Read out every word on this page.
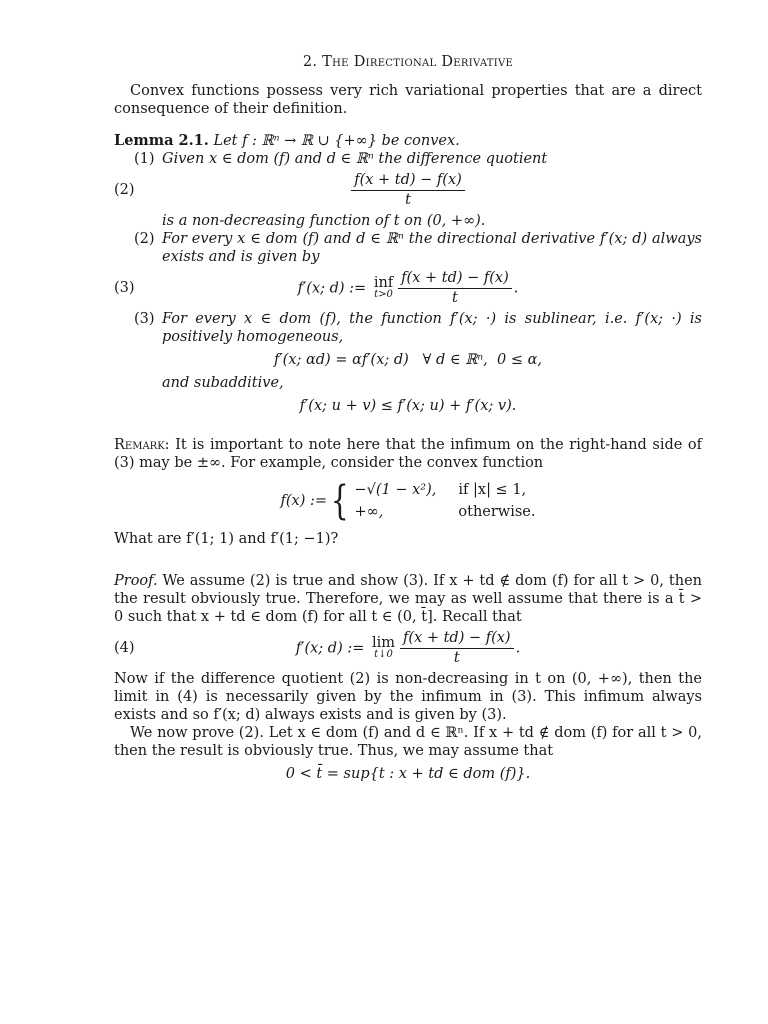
2. The Directional Derivative

Convex functions possess very rich variational properties that are a direct consequence of their definition.

Lemma 2.1. Let f : ℝⁿ → ℝ ∪ {+∞} be convex.

(1) Given x ∈ dom (f) and d ∈ ℝⁿ the difference quotient
(2)	$\frac{f(x + td) - f(x)}{t}$
is a non-decreasing function of t on (0, +∞).
(2) For every x ∈ dom (f) and d ∈ ℝⁿ the directional derivative f′(x; d) always exists and is given by
(3)	f′(x; d) := inf
$t>0 \frac{f(x + td) - f(x)}{t}$ .
(3) For every x ∈ dom (f), the function f′(x; ·) is sublinear, i.e. f′(x; ·) is positively homogeneous,
f′(x; αd) = αf′(x; d)   ∀ d ∈ ℝⁿ,  0 ≤ α,
and subadditive,
f′(x; u + v) ≤ f′(x; u) + f′(x; v).

Remark: It is important to note here that the infimum on the right-hand side of (3) may be ±∞. For example, consider the convex function

f(x) := { −√(1 − x²), if |x| ≤ 1,
+∞,	otherwise.

What are f′(1; 1) and f′(1; −1)?

Proof. We assume (2) is true and show (3). If x + td ∉ dom (f) for all t > 0, then the result obviously true. Therefore, we may as well assume that there is a t̄ > 0 such that x + td ∈ dom (f) for all t ∈ (0, t̄]. Recall that

(4)	f′(x; d) := lim
t↓0 $\frac{f(x + td) - f(x)}{t}$ .

Now if the difference quotient (2) is non-decreasing in t on (0, +∞), then the limit in (4) is necessarily given by the infimum in (3). This infimum always exists and so f′(x; d) always exists and is given by (3).

We now prove (2). Let x ∈ dom (f) and d ∈ ℝⁿ. If x + td ∉ dom (f) for all t > 0, then the result is obviously true. Thus, we may assume that

0 < t̄ = sup{t : x + td ∈ dom (f)}.
